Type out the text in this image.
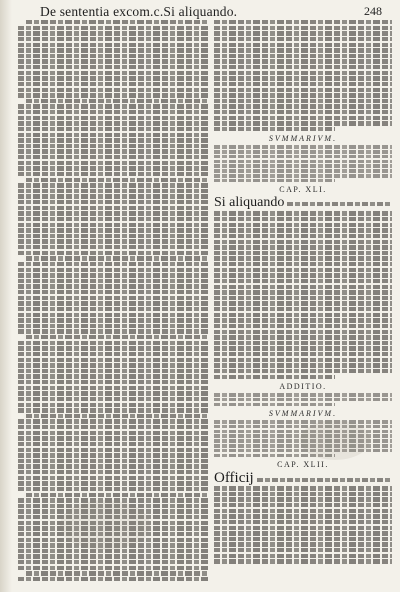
De sententia excom.c.Si aliquando.	248
SVMMARIVM.
CAP. XLI.
Si aliquando
ADDITIO.
SVMMARIVM.
CAP. XLII.
Officij
